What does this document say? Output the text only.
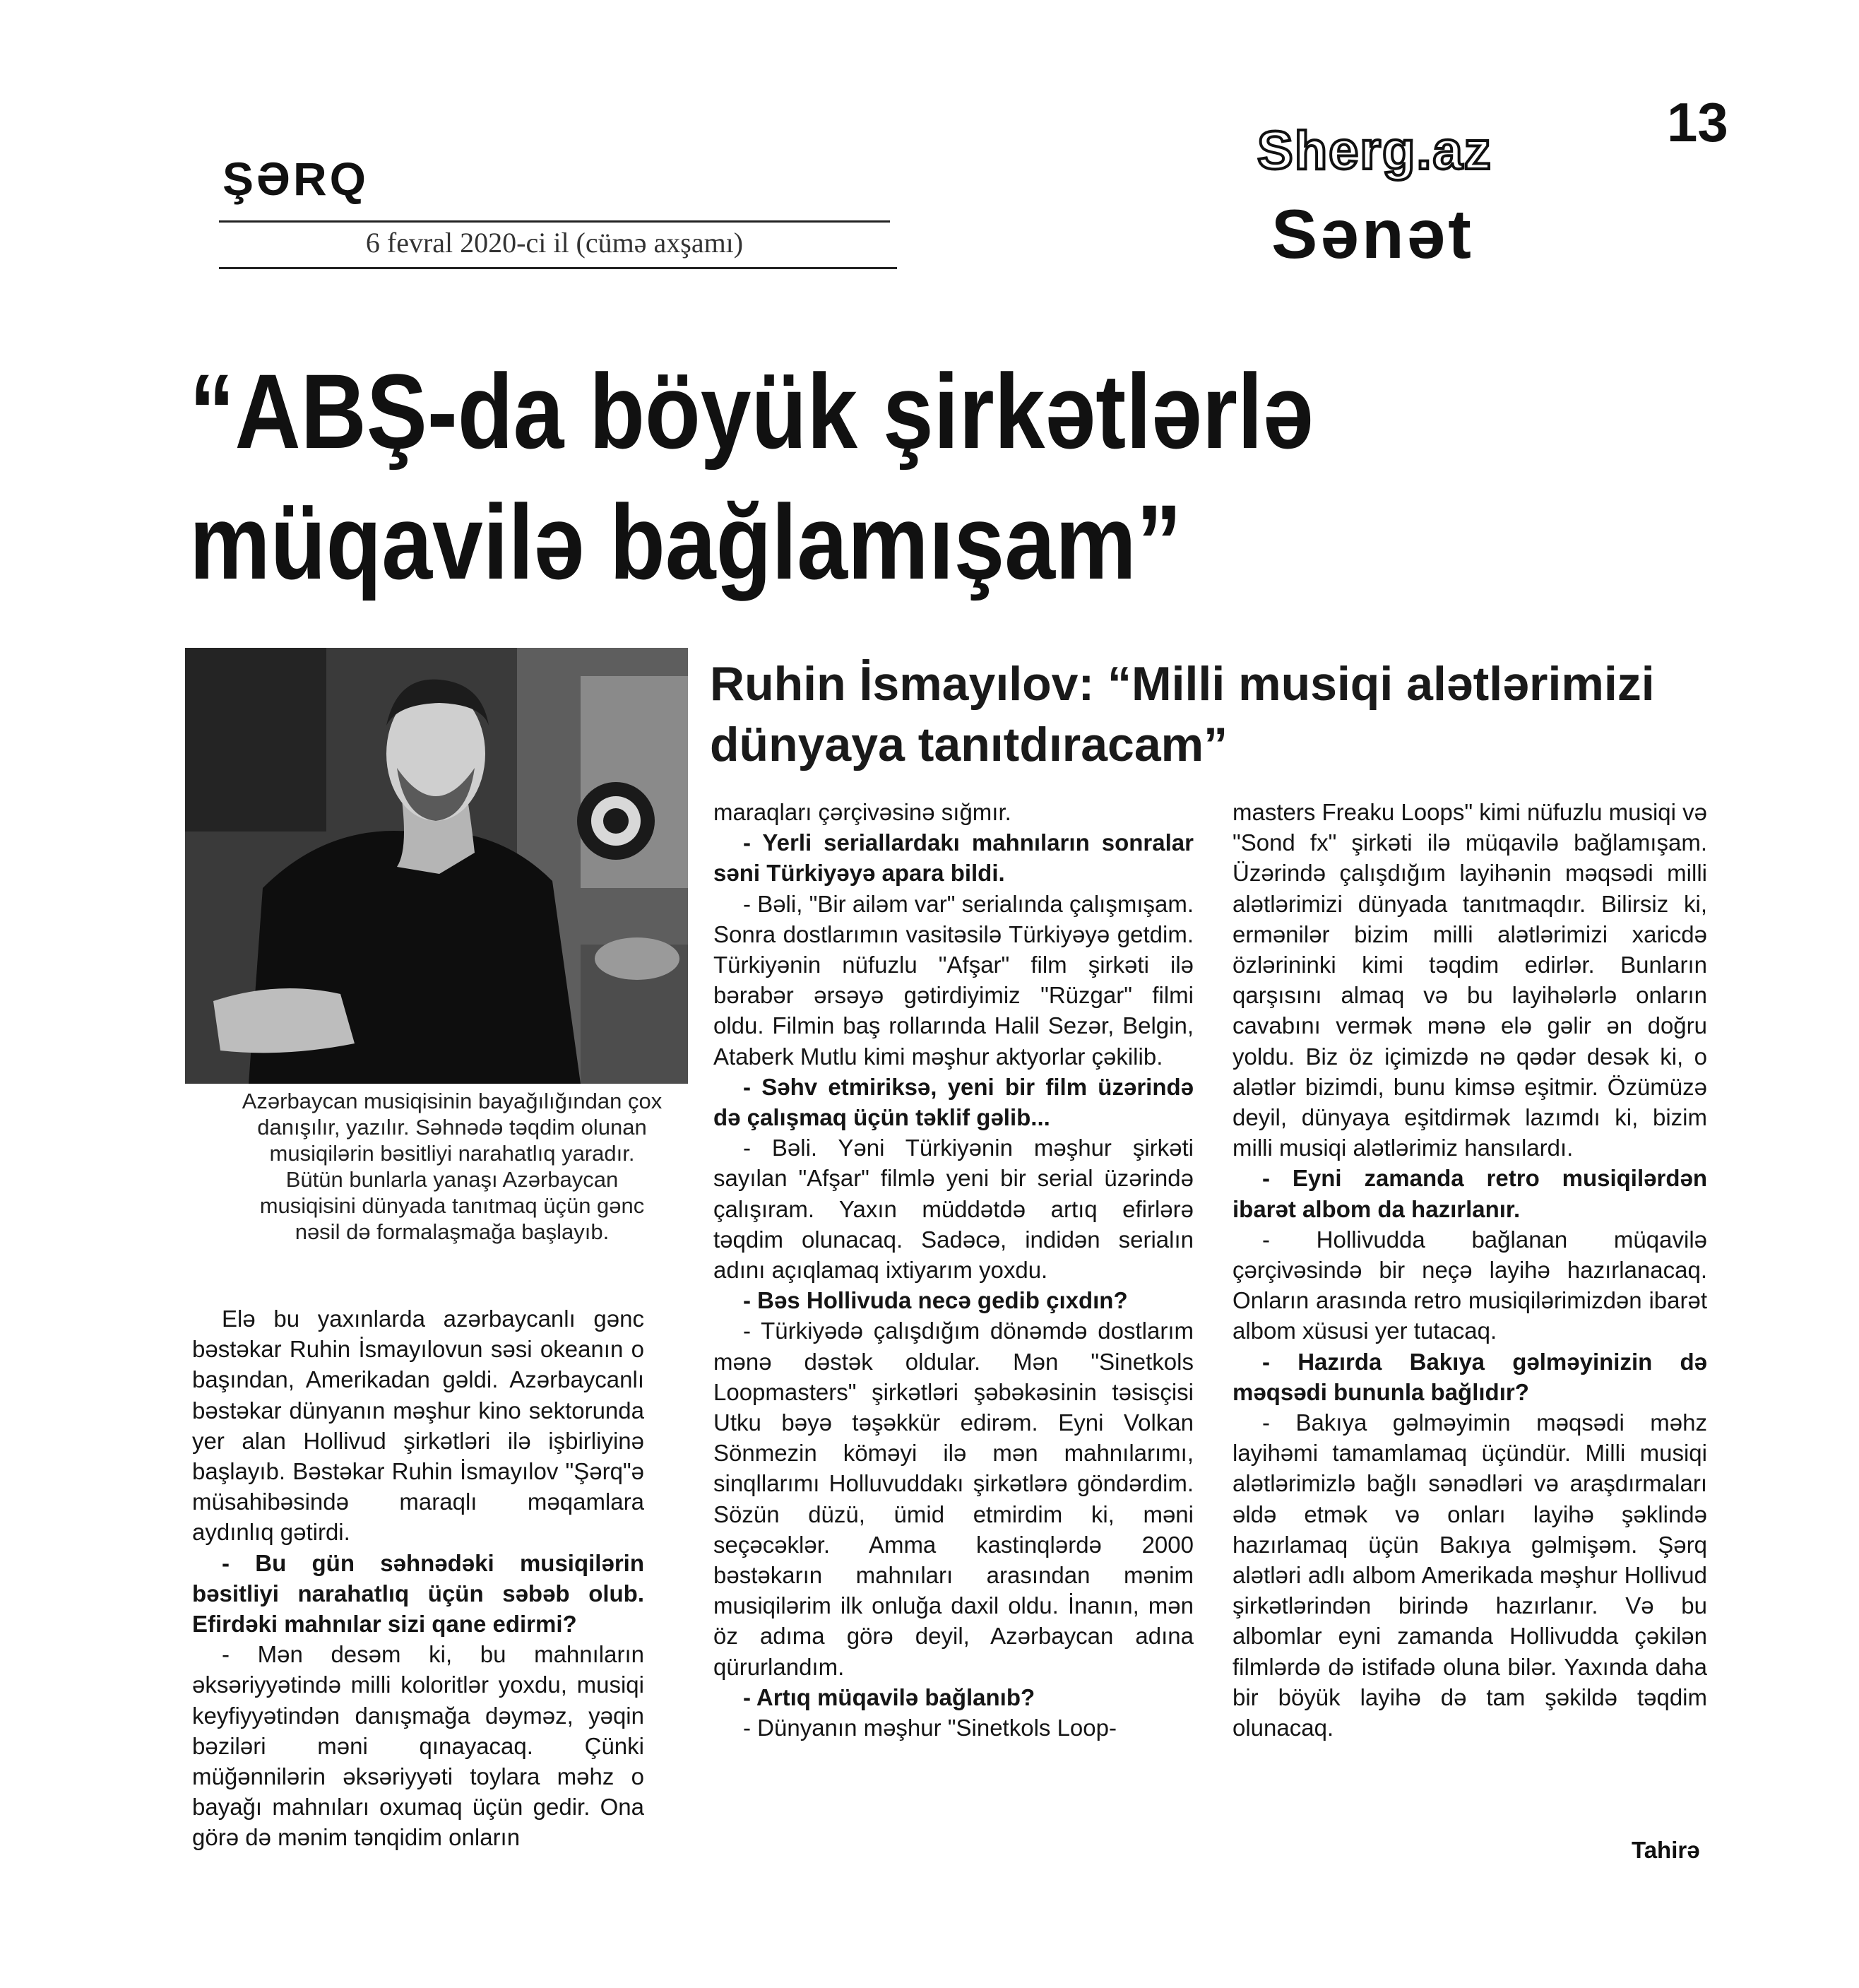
13
ŞƏRQ
6 fevral 2020-ci il (cümə axşamı)
Sherg.az
Sənət
“ABŞ-da böyük şirkətlərlə
müqavilə bağlamışam”
Ruhin İsmayılov: “Milli musiqi alətlərimizi dünyaya tanıtdıracam”
Azərbaycan musiqisinin bayağılığından çox danışılır, yazılır. Səhnədə təqdim olunan musiqilərin bəsitliyi narahatlıq yaradır. Bütün bunlarla yanaşı Azərbaycan musiqisini dünyada tanıtmaq üçün gənc nəsil də formalaşmağa başlayıb.

Elə bu yaxınlarda azərbaycanlı gənc bəstəkar Ruhin İsmayılovun səsi okeanın o başından, Amerikadan gəldi. Azərbaycanlı bəstəkar dünyanın məşhur kino sektorunda yer alan Hollivud şirkətləri ilə işbirliyinə başlayıb. Bəstəkar Ruhin İsmayılov "Şərq"ə müsahibəsində maraqlı məqamlara aydınlıq gətirdi.

- Bu gün səhnədəki musiqilərin bəsitliyi narahatlıq üçün səbəb olub. Efirdəki mahnılar sizi qane edirmi?

- Mən desəm ki, bu mahnıların əksəriyyətində milli koloritlər yoxdu, musiqi keyfiyyətindən danışmağa dəyməz, yəqin bəziləri məni qınayacaq. Çünki müğənnilərin əksəriyyəti toylara məhz o bayağı mahnıları oxumaq üçün gedir. Ona görə də mənim tənqidim onların

maraqları çərçivəsinə sığmır.

- Yerli seriallardakı mahnıların sonralar səni Türkiyəyə apara bildi.

- Bəli, "Bir ailəm var" serialında çalışmışam. Sonra dostlarımın vasitəsilə Türkiyəyə getdim. Türkiyənin nüfuzlu "Afşar" film şirkəti ilə bərabər ərsəyə gətirdiyimiz "Rüzgar" filmi oldu. Filmin baş rollarında Halil Sezər, Belgin, Ataberk Mutlu kimi məşhur aktyorlar çəkilib.

- Səhv etmiriksə, yeni bir film üzərində də çalışmaq üçün təklif gəlib...

- Bəli. Yəni Türkiyənin məşhur şirkəti sayılan "Afşar" filmlə yeni bir serial üzərində çalışıram. Yaxın müddətdə artıq efirlərə təqdim olunacaq. Sadəcə, indidən serialın adını açıqlamaq ixtiyarım yoxdu.

- Bəs Hollivuda necə gedib çıxdın?

- Türkiyədə çalışdığım dönəmdə dostlarım mənə dəstək oldular. Mən "Sinetkols Loopmasters" şirkətləri şəbəkəsinin təsisçisi Utku bəyə təşəkkür edirəm. Eyni Volkan Sönmezin köməyi ilə mən mahnılarımı, sinqllarımı Holluvuddakı şirkətlərə göndərdim. Sözün düzü, ümid etmirdim ki, məni seçəcəklər. Amma kastinqlərdə 2000 bəstəkarın mahnıları arasından mənim musiqilərim ilk onluğa daxil oldu. İnanın, mən öz adıma görə deyil, Azərbaycan adına qürurlandım.

- Artıq müqavilə bağlanıb?

- Dünyanın məşhur "Sinetkols Loop-

masters Freaku Loops" kimi nüfuzlu musiqi və "Sond fx" şirkəti ilə müqavilə bağlamışam. Üzərində çalışdığım layihənin məqsədi milli alətlərimizi dünyada tanıtmaqdır. Bilirsiz ki, ermənilər bizim milli alətlərimizi xaricdə özlərininki kimi təqdim edirlər. Bunların qarşısını almaq və bu layihələrlə onların cavabını vermək mənə elə gəlir ən doğru yoldu. Biz öz içimizdə nə qədər desək ki, o alətlər bizimdi, bunu kimsə eşitmir. Özümüzə deyil, dünyaya eşitdirmək lazımdı ki, bizim milli musiqi alətlərimiz hansılardı.

- Eyni zamanda retro musiqilərdən ibarət albom da hazırlanır.

- Hollivudda bağlanan müqavilə çərçivəsində bir neçə layihə hazırlanacaq. Onların arasında retro musiqilərimizdən ibarət albom xüsusi yer tutacaq.

- Hazırda Bakıya gəlməyinizin də məqsədi bununla bağlıdır?

- Bakıya gəlməyimin məqsədi məhz layihəmi tamamlamaq üçündür. Milli musiqi alətlərimizlə bağlı sənədləri və araşdırmaları əldə etmək və onları layihə şəklində hazırlamaq üçün Bakıya gəlmişəm. Şərq alətləri adlı albom Amerikada məşhur Hollivud şirkətlərindən birində hazırlanır. Və bu albomlar eyni zamanda Hollivudda çəkilən filmlərdə də istifadə oluna bilər. Yaxında daha bir böyük layihə də tam şəkildə təqdim olunacaq.

Tahirə
